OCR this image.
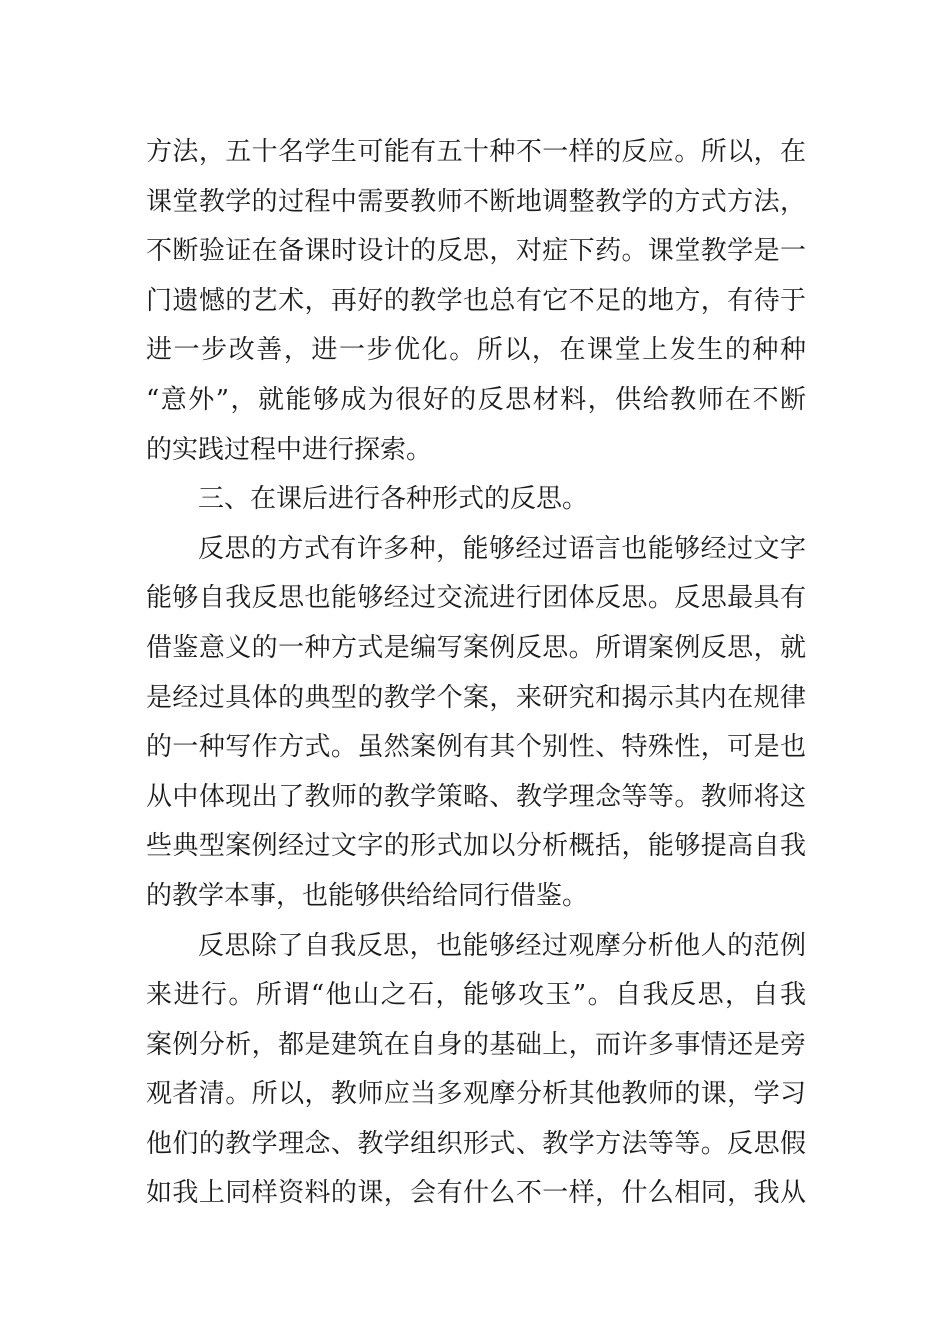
方法，五十名学生可能有五十种不一样的反应。所以，在
课堂教学的过程中需要教师不断地调整教学的方式方法，
不断验证在备课时设计的反思，对症下药。课堂教学是一
门遗憾的艺术，再好的教学也总有它不足的地方，有待于
进一步改善，进一步优化。所以，在课堂上发生的种种
“意外”，就能够成为很好的反思材料，供给教师在不断
的实践过程中进行探索。
三、在课后进行各种形式的反思。
反思的方式有许多种，能够经过语言也能够经过文字
能够自我反思也能够经过交流进行团体反思。反思最具有
借鉴意义的一种方式是编写案例反思。所谓案例反思，就
是经过具体的典型的教学个案，来研究和揭示其内在规律
的一种写作方式。虽然案例有其个别性、特殊性，可是也
从中体现出了教师的教学策略、教学理念等等。教师将这
些典型案例经过文字的形式加以分析概括，能够提高自我
的教学本事，也能够供给给同行借鉴。
反思除了自我反思，也能够经过观摩分析他人的范例
来进行。所谓“他山之石，能够攻玉”。自我反思，自我
案例分析，都是建筑在自身的基础上，而许多事情还是旁
观者清。所以，教师应当多观摩分析其他教师的课，学习
他们的教学理念、教学组织形式、教学方法等等。反思假
如我上同样资料的课，会有什么不一样，什么相同，我从
